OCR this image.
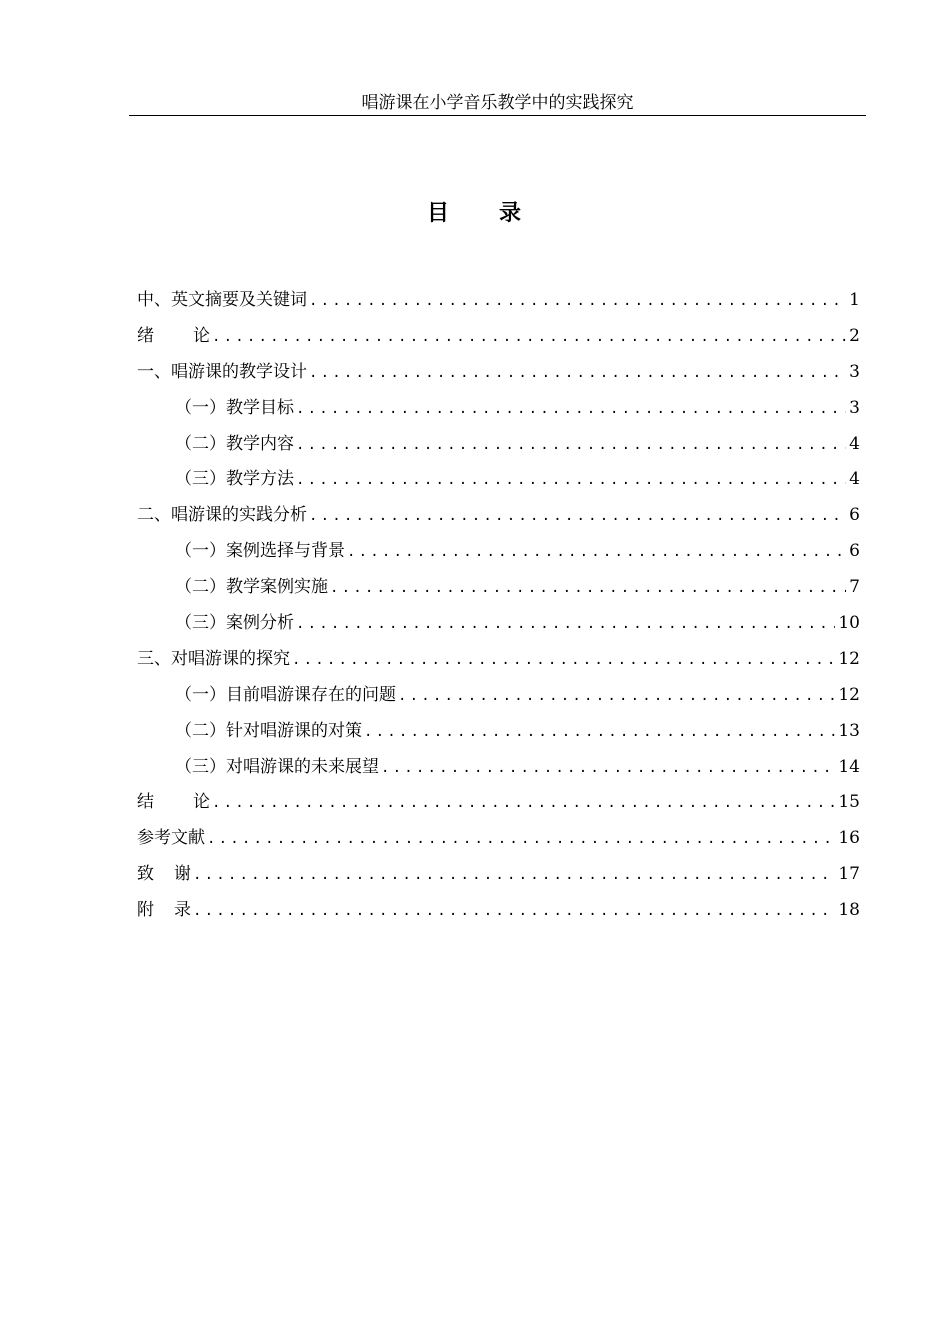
唱游课在小学音乐教学中的实践探究
目 录
中、英文摘要及关键词 .....	1
绪论 .....	2
一、唱游课的教学设计 .....	3
（一）教学目标 .....	3
（二）教学内容 .....	4
（三）教学方法 .....	4
二、唱游课的实践分析 .....	6
（一）案例选择与背景 .....	6
（二）教学案例实施 .....	7
（三）案例分析 .....	10
三、对唱游课的探究 .....	12
（一）目前唱游课存在的问题 .....	12
（二）针对唱游课的对策 .....	13
（三）对唱游课的未来展望 .....	14
结论 .....	15
参考文献 .....	16
致谢 .....	17
附录 .....	18
